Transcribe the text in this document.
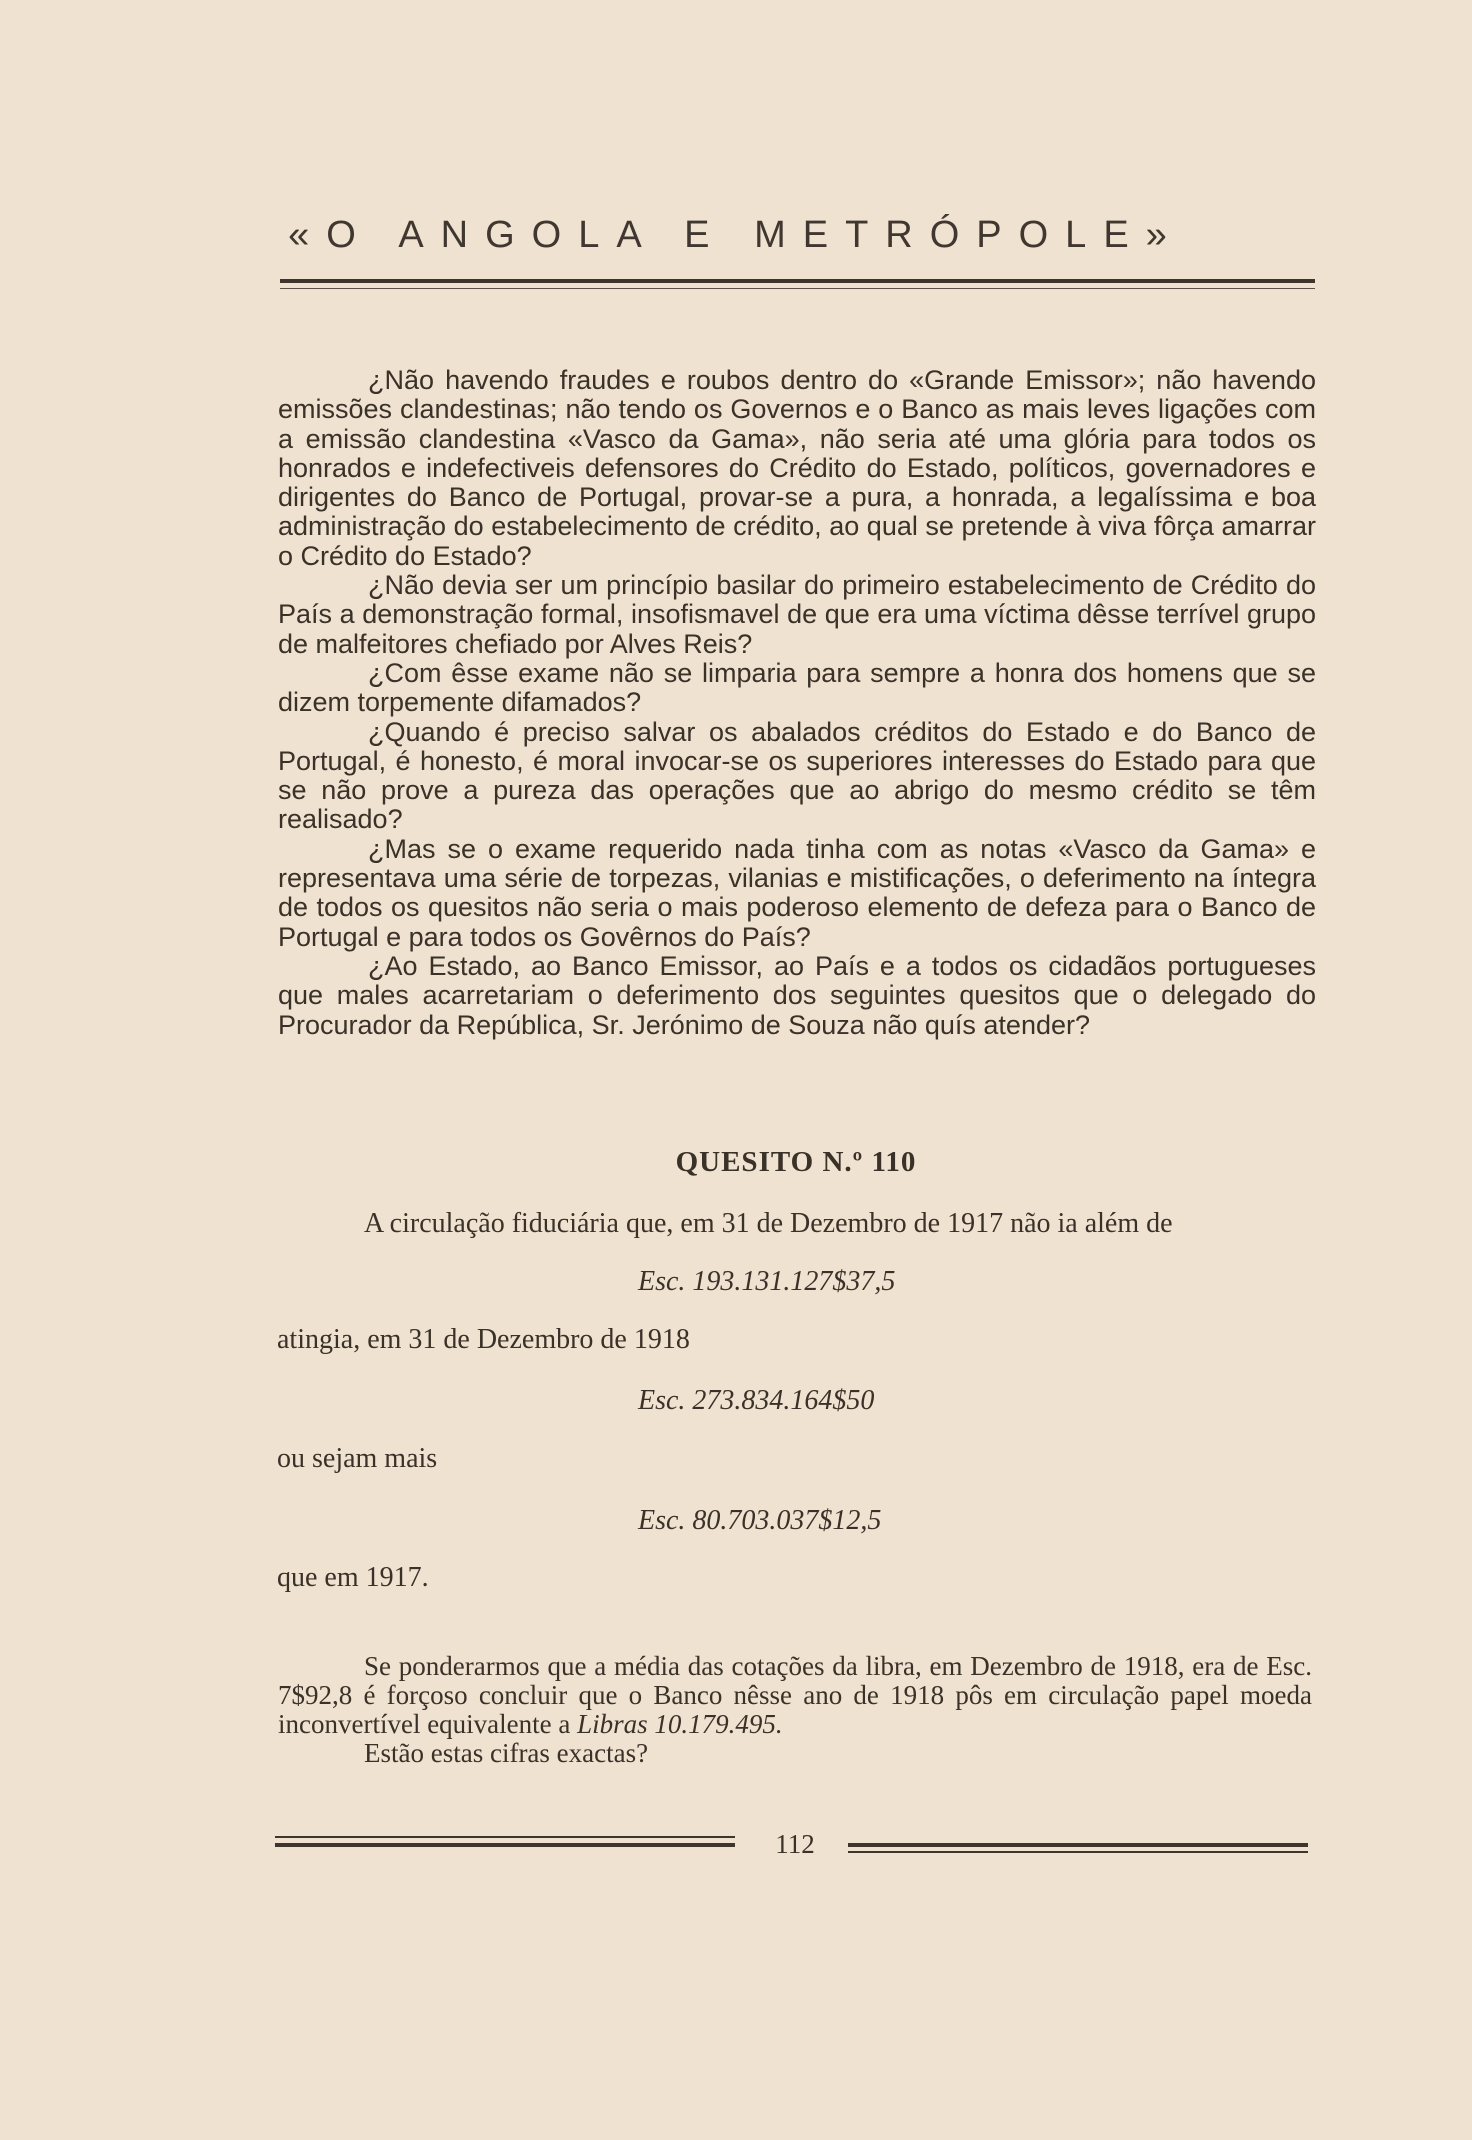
«O ANGOLA E METRÓPOLE»

¿Não havendo fraudes e roubos dentro do «Grande Emissor»; não havendo emissões clandestinas; não tendo os Governos e o Banco as mais leves ligações com a emissão clandestina «Vasco da Gama», não seria até uma glória para todos os honrados e indefectiveis defensores do Crédito do Estado, políticos, governadores e dirigentes do Banco de Portugal, provar-se a pura, a honrada, a legalíssima e boa administração do estabelecimento de crédito, ao qual se pretende à viva fôrça amarrar o Crédito do Estado?

¿Não devia ser um princípio basilar do primeiro estabelecimento de Crédito do País a demonstração formal, insofismavel de que era uma víctima dêsse terrível grupo de malfeitores chefiado por Alves Reis?

¿Com êsse exame não se limparia para sempre a honra dos homens que se dizem torpemente difamados?

¿Quando é preciso salvar os abalados créditos do Estado e do Banco de Portugal, é honesto, é moral invocar-se os superiores interesses do Estado para que se não prove a pureza das operações que ao abrigo do mesmo crédito se têm realisado?

¿Mas se o exame requerido nada tinha com as notas «Vasco da Gama» e representava uma série de torpezas, vilanias e mistificações, o deferimento na íntegra de todos os quesitos não seria o mais poderoso elemento de defeza para o Banco de Portugal e para todos os Govêrnos do País?

¿Ao Estado, ao Banco Emissor, ao País e a todos os cidadãos portugueses que males acarretariam o deferimento dos seguintes quesitos que o delegado do Procurador da República, Sr. Jerónimo de Souza não quís atender?

QUESITO N.º 110
A circulação fiduciária que, em 31 de Dezembro de 1917 não ia além de
Esc. 193.131.127$37,5
atingia, em 31 de Dezembro de 1918
Esc. 273.834.164$50
ou sejam mais
Esc. 80.703.037$12,5
que em 1917.

Se ponderarmos que a média das cotações da libra, em Dezembro de 1918, era de Esc. 7$92,8 é forçoso concluir que o Banco nêsse ano de 1918 pôs em circulação papel moeda inconvertível equivalente a Libras 10.179.495.

Estão estas cifras exactas?

112
